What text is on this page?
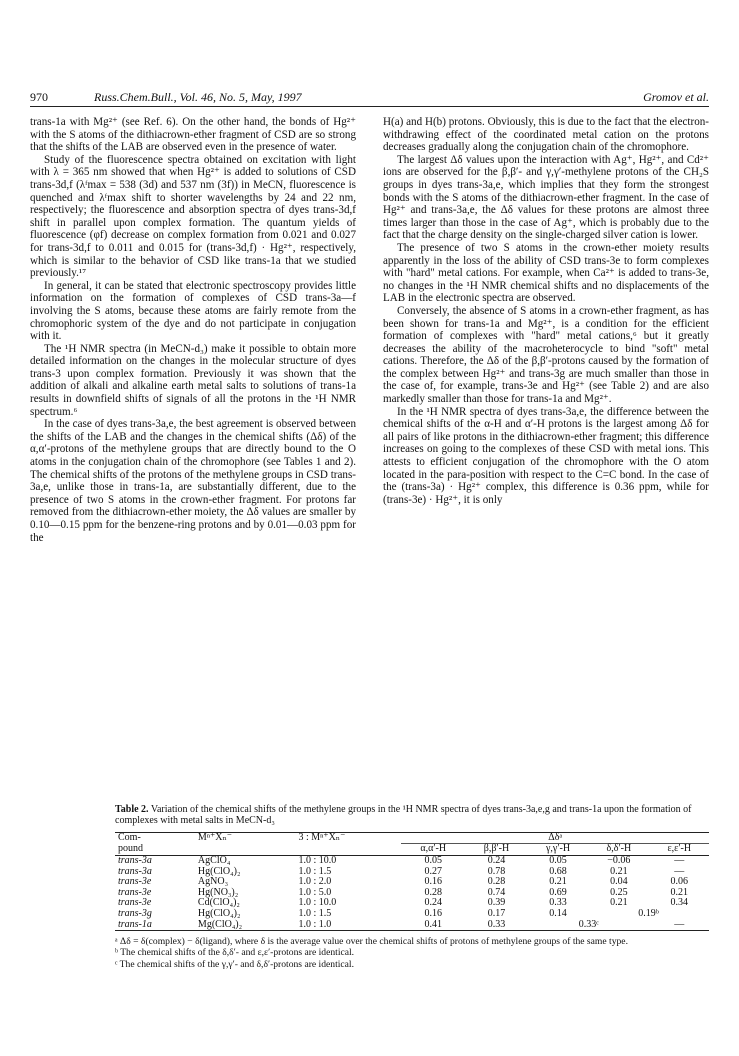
970	Russ.Chem.Bull., Vol. 46, No. 5, May, 1997	Gromov et al.

trans-1a with Mg²⁺ (see Ref. 6). On the other hand, the bonds of Hg²⁺ with the S atoms of the dithiacrown-ether fragment of CSD are so strong that the shifts of the LAB are observed even in the presence of water.

Study of the fluorescence spectra obtained on excitation with light with λ = 365 nm showed that when Hg²⁺ is added to solutions of CSD trans-3d,f (λᶠmax = 538 (3d) and 537 nm (3f)) in MeCN, fluorescence is quenched and λᶠmax shift to shorter wavelengths by 24 and 22 nm, respectively; the fluorescence and absorption spectra of dyes trans-3d,f shift in parallel upon complex formation. The quantum yields of fluorescence (φf) decrease on complex formation from 0.021 and 0.027 for trans-3d,f to 0.011 and 0.015 for (trans-3d,f) · Hg²⁺, respectively, which is similar to the behavior of CSD like trans-1a that we studied previously.¹⁷

In general, it can be stated that electronic spectroscopy provides little information on the formation of complexes of CSD trans-3a—f involving the S atoms, because these atoms are fairly remote from the chromophoric system of the dye and do not participate in conjugation with it.

The ¹H NMR spectra (in MeCN-d₃) make it possible to obtain more detailed information on the changes in the molecular structure of dyes trans-3 upon complex formation. Previously it was shown that the addition of alkali and alkaline earth metal salts to solutions of trans-1a results in downfield shifts of signals of all the protons in the ¹H NMR spectrum.⁶

In the case of dyes trans-3a,e, the best agreement is observed between the shifts of the LAB and the changes in the chemical shifts (Δδ) of the α,α′-protons of the methylene groups that are directly bound to the O atoms in the conjugation chain of the chromophore (see Tables 1 and 2). The chemical shifts of the protons of the methylene groups in CSD trans-3a,e, unlike those in trans-1a, are substantially different, due to the presence of two S atoms in the crown-ether fragment. For protons far removed from the dithiacrown-ether moiety, the Δδ values are smaller by 0.10—0.15 ppm for the benzene-ring protons and by 0.01—0.03 ppm for the

H(a) and H(b) protons. Obviously, this is due to the fact that the electron-withdrawing effect of the coordinated metal cation on the protons decreases gradually along the conjugation chain of the chromophore.

The largest Δδ values upon the interaction with Ag⁺, Hg²⁺, and Cd²⁺ ions are observed for the β,β′- and γ,γ′-methylene protons of the CH₂S groups in dyes trans-3a,e, which implies that they form the strongest bonds with the S atoms of the dithiacrown-ether fragment. In the case of Hg²⁺ and trans-3a,e, the Δδ values for these protons are almost three times larger than those in the case of Ag⁺, which is probably due to the fact that the charge density on the single-charged silver cation is lower.

The presence of two S atoms in the crown-ether moiety results apparently in the loss of the ability of CSD trans-3e to form complexes with "hard" metal cations. For example, when Ca²⁺ is added to trans-3e, no changes in the ¹H NMR chemical shifts and no displacements of the LAB in the electronic spectra are observed.

Conversely, the absence of S atoms in a crown-ether fragment, as has been shown for trans-1a and Mg²⁺, is a condition for the efficient formation of complexes with "hard" metal cations,⁶ but it greatly decreases the ability of the macroheterocycle to bind "soft" metal cations. Therefore, the Δδ of the β,β′-protons caused by the formation of the complex between Hg²⁺ and trans-3g are much smaller than those in the case of, for example, trans-3e and Hg²⁺ (see Table 2) and are also markedly smaller than those for trans-1a and Mg²⁺.

In the ¹H NMR spectra of dyes trans-3a,e, the difference between the chemical shifts of the α-H and α′-H protons is the largest among Δδ for all pairs of like protons in the dithiacrown-ether fragment; this difference increases on going to the complexes of these CSD with metal ions. This attests to efficient conjugation of the chromophore with the O atom located in the para-position with respect to the C=C bond. In the case of the (trans-3a) · Hg²⁺ complex, this difference is 0.36 ppm, while for (trans-3e) · Hg²⁺, it is only

Table 2. Variation of the chemical shifts of the methylene groups in the ¹H NMR spectra of dyes trans-3a,e,g and trans-1a upon the formation of complexes with metal salts in MeCN-d₃
Com-	Mⁿ⁺Xₙ⁻	3 : Mⁿ⁺Xₙ⁻	Δδᵃ				
pound			α,α′-H	β,β′-H	γ,γ′-H	δ,δ′-H	ε,ε′-H
trans-3a	AgClO₄	1.0 : 10.0	0.05	0.24	0.05	−0.06	—
trans-3a	Hg(ClO₄)₂	1.0 : 1.5	0.27	0.78	0.68	0.21	—
trans-3e	AgNO₃	1.0 : 2.0	0.16	0.28	0.21	0.04	0.06
trans-3e	Hg(NO₃)₂	1.0 : 5.0	0.28	0.74	0.69	0.25	0.21
trans-3e	Cd(ClO₄)₂	1.0 : 10.0	0.24	0.39	0.33	0.21	0.34
trans-3g	Hg(ClO₄)₂	1.0 : 1.5	0.16	0.17	0.14	0.19ᵇ	
trans-1a	Mg(ClO₄)₂	1.0 : 1.0	0.41	0.33	0.33ᶜ		—
ᵃ Δδ = δ(complex) − δ(ligand), where δ is the average value over the chemical shifts of protons of methylene groups of the same type.
ᵇ The chemical shifts of the δ,δ′- and ε,ε′-protons are identical.
ᶜ The chemical shifts of the γ,γ′- and δ,δ′-protons are identical.
